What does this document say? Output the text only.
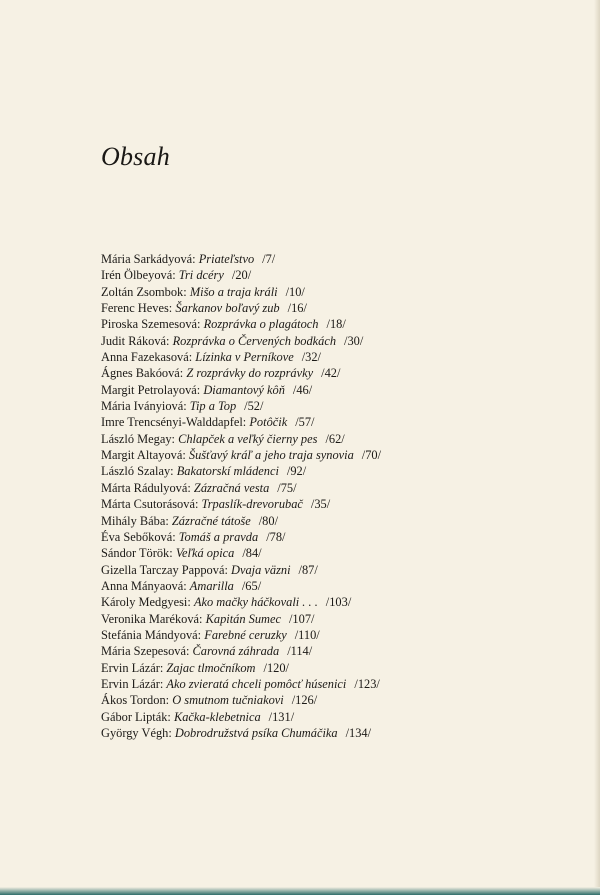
Obsah
Mária Sarkádyová: Priateľstvo /7/
Irén Ölbeyová: Tri dcéry /20/
Zoltán Zsombok: Mišo a traja králi /10/
Ferenc Heves: Šarkanov boľavý zub /16/
Piroska Szemesová: Rozprávka o plagátoch /18/
Judit Ráková: Rozprávka o Červených bodkách /30/
Anna Fazekasová: Lízinka v Perníkove /32/
Ágnes Bakóová: Z rozprávky do rozprávky /42/
Margit Petrolayová: Diamantový kôň /46/
Mária Iványiová: Tip a Top /52/
Imre Trencsényi-Walddapfel: Potôčik /57/
László Megay: Chlapček a veľký čierny pes /62/
Margit Altayová: Šušťavý kráľ a jeho traja synovia /70/
László Szalay: Bakatorskí mládenci /92/
Márta Rádulyová: Zázračná vesta /75/
Márta Csutorásová: Trpaslík-drevorubač /35/
Mihály Bába: Zázračné tátoše /80/
Éva Sebőková: Tomáš a pravda /78/
Sándor Török: Veľká opica /84/
Gizella Tarczay Pappová: Dvaja väzni /87/
Anna Mányaová: Amarilla /65/
Károly Medgyesi: Ako mačky háčkovali . . . /103/
Veronika Maréková: Kapitán Sumec /107/
Stefánia Mándyová: Farebné ceruzky /110/
Mária Szepesová: Čarovná záhrada /114/
Ervin Lázár: Zajac tlmočníkom /120/
Ervin Lázár: Ako zvieratá chceli pomôcť húsenici /123/
Ákos Tordon: O smutnom tučniakovi /126/
Gábor Lipták: Kačka-klebetnica /131/
György Végh: Dobrodružstvá psíka Chumáčika /134/
